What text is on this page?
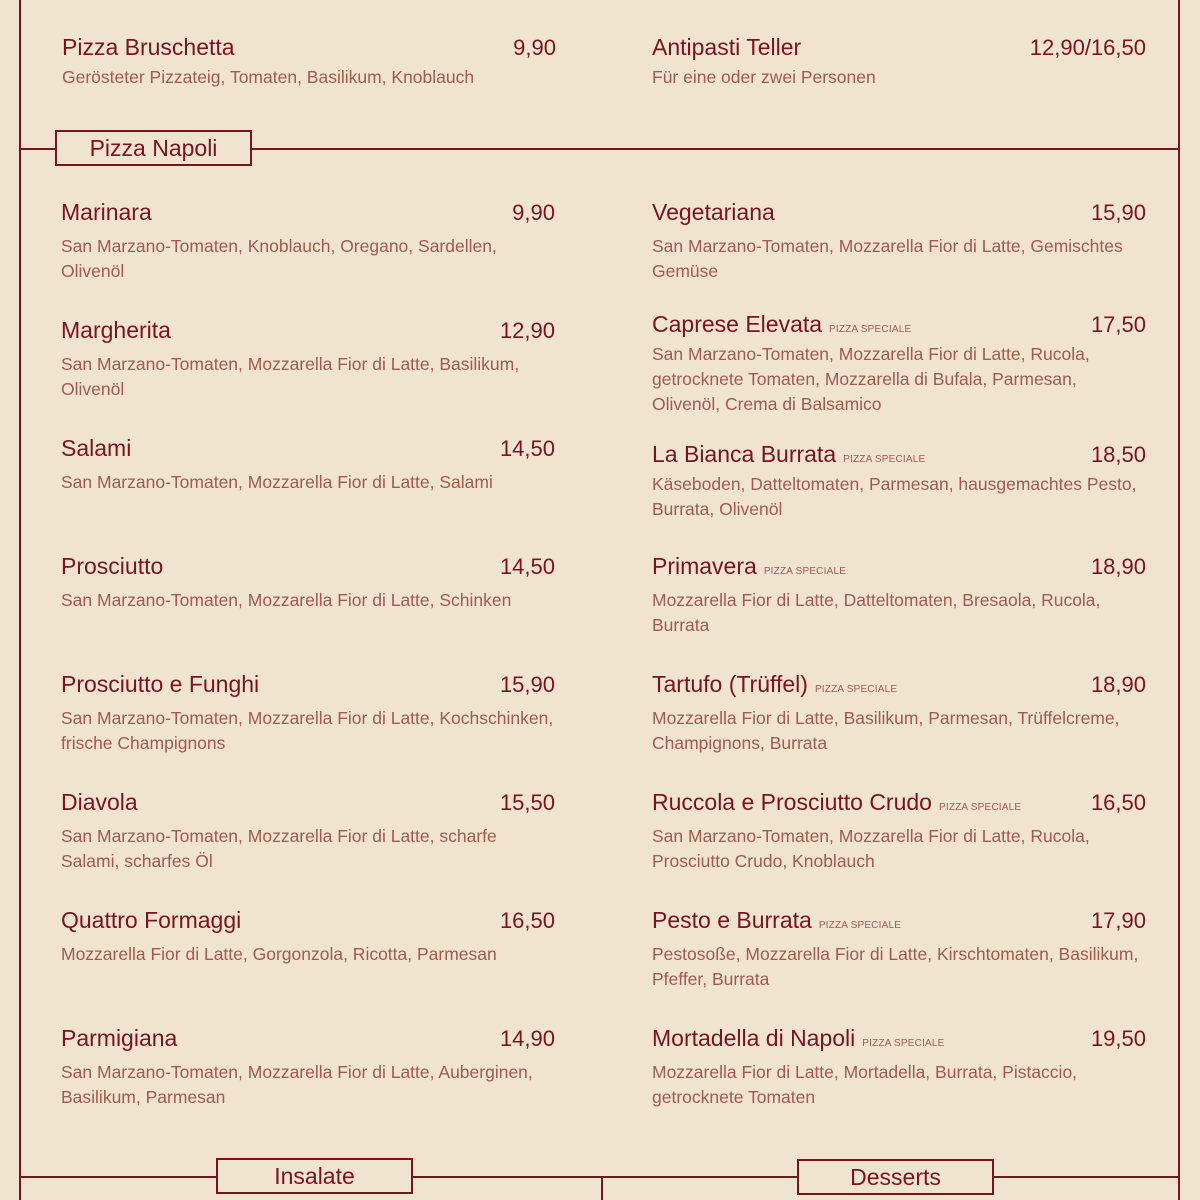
Pizza Napoli
Insalate	Desserts
Pizza Bruschetta	9,90
Gerösteter Pizzateig, Tomaten, Basilikum, Knoblauch
Antipasti Teller	12,90/16,50
Für eine oder zwei Personen
Marinara	9,90
San Marzano-Tomaten, Knoblauch, Oregano, Sardellen, Olivenöl
Margherita	12,90
San Marzano-Tomaten, Mozzarella Fior di Latte, Basilikum, Olivenöl
Salami	14,50
San Marzano-Tomaten, Mozzarella Fior di Latte, Salami
Prosciutto	14,50
San Marzano-Tomaten, Mozzarella Fior di Latte, Schinken
Prosciutto e Funghi	15,90
San Marzano-Tomaten, Mozzarella Fior di Latte, Kochschinken, frische Champignons
Diavola	15,50
San Marzano-Tomaten, Mozzarella Fior di Latte, scharfe Salami, scharfes Öl
Quattro Formaggi	16,50
Mozzarella Fior di Latte, Gorgonzola, Ricotta, Parmesan
Parmigiana	14,90
San Marzano-Tomaten, Mozzarella Fior di Latte, Auberginen, Basilikum, Parmesan
Vegetariana	15,90
San Marzano-Tomaten, Mozzarella Fior di Latte, Gemischtes Gemüse
Caprese Elevata PIZZA SPECIALE	17,50
San Marzano-Tomaten, Mozzarella Fior di Latte, Rucola, getrocknete Tomaten, Mozzarella di Bufala, Parmesan, Olivenöl, Crema di Balsamico
La Bianca Burrata PIZZA SPECIALE	18,50
Käseboden, Datteltomaten, Parmesan, hausgemachtes Pesto, Burrata, Olivenöl
Primavera PIZZA SPECIALE	18,90
Mozzarella Fior di Latte, Datteltomaten, Bresaola, Rucola, Burrata
Tartufo (Trüffel) PIZZA SPECIALE	18,90
Mozzarella Fior di Latte, Basilikum, Parmesan, Trüffelcreme, Champignons, Burrata
Ruccola e Prosciutto Crudo PIZZA SPECIALE	16,50
San Marzano-Tomaten, Mozzarella Fior di Latte, Rucola, Prosciutto Crudo, Knoblauch
Pesto e Burrata PIZZA SPECIALE	17,90
Pestosoße, Mozzarella Fior di Latte, Kirschtomaten, Basilikum, Pfeffer, Burrata
Mortadella di Napoli PIZZA SPECIALE	19,50
Mozzarella Fior di Latte, Mortadella, Burrata, Pistaccio, getrocknete Tomaten
